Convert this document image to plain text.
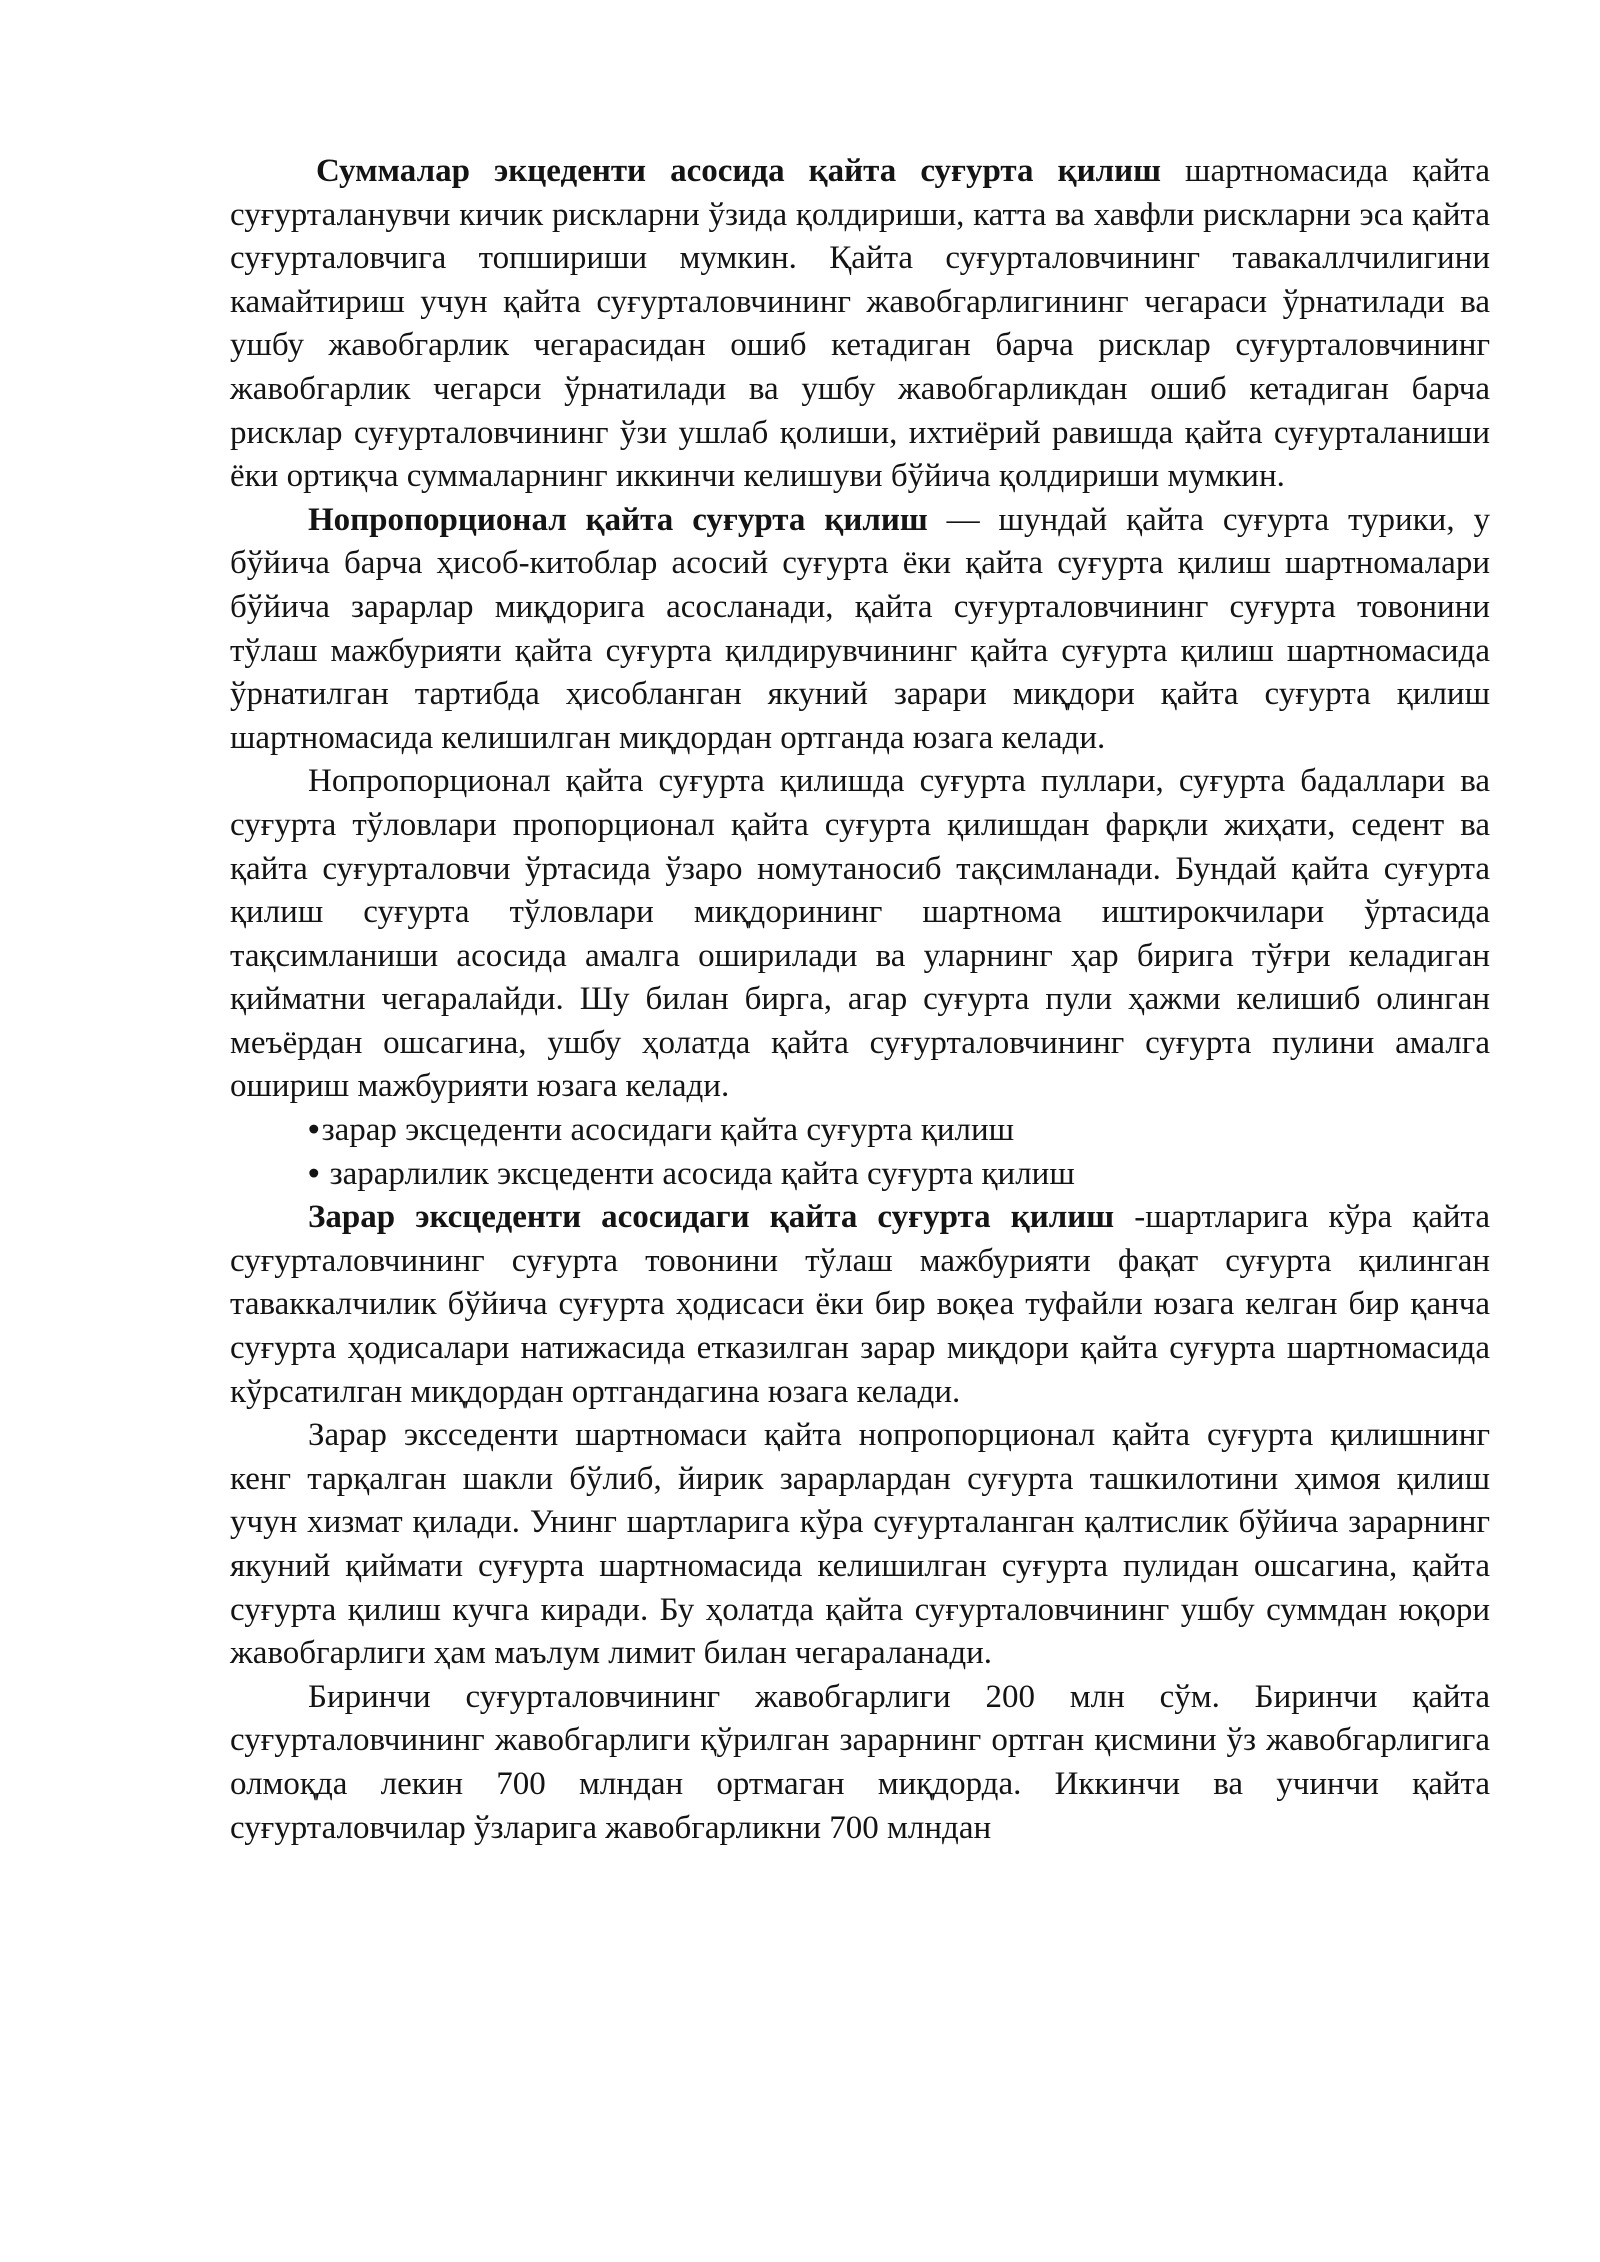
Суммалар экцеденти асосида қайта суғурта қилиш шартномасида қайта суғурталанувчи кичик рискларни ўзида қолдириши, катта ва хавфли рискларни эса қайта суғурталовчига топшириши мумкин. Қайта суғурталовчининг тавакаллчилигини камайтириш учун қайта суғурталовчининг жавобгарлигининг чегараси ўрнатилади ва ушбу жавобгарлик чегарасидан ошиб кетадиган барча рисклар суғурталовчининг жавобгарлик чегарси ўрнатилади ва ушбу жавобгарликдан ошиб кетадиган барча рисклар суғурталовчининг ўзи ушлаб қолиши, ихтиёрий равишда қайта суғурталаниши ёки ортиқча суммаларнинг иккинчи келишуви бўйича қолдириши мумкин.

Нопропорционал қайта суғурта қилиш — шундай қайта суғурта турики, у бўйича барча ҳисоб-китоблар асосий суғурта ёки қайта суғурта қилиш шартномалари бўйича зарарлар миқдорига асосланади, қайта суғурталовчининг суғурта товонини тўлаш мажбурияти қайта суғурта қилдирувчининг қайта суғурта қилиш шартномасида ўрнатилган тартибда ҳисобланган якуний зарари миқдори қайта суғурта қилиш шартномасида келишилган миқдордан ортганда юзага келади.

Нопропорционал қайта суғурта қилишда суғурта пуллари, суғурта бадаллари ва суғурта тўловлари пропорционал қайта суғурта қилишдан фарқли жиҳати, седент ва қайта суғурталовчи ўртасида ўзаро номутаносиб тақсимланади. Бундай қайта суғурта қилиш суғурта тўловлари миқдорининг шартнома иштирокчилари ўртасида тақсимланиши асосида амалга оширилади ва уларнинг ҳар бирига тўғри келадиган қийматни чегаралайди. Шу билан бирга, агар суғурта пули ҳажми келишиб олинган меъёрдан ошсагина, ушбу ҳолатда қайта суғурталовчининг суғурта пулини амалга ошириш мажбурияти юзага келади.

•зарар эксцеденти асосидаги қайта суғурта қилиш
• зарарлилик эксцеденти асосида қайта суғурта қилиш

Зарар эксцеденти асосидаги қайта суғурта қилиш -шартларига кўра қайта суғурталовчининг суғурта товонини тўлаш мажбурияти фақат суғурта қилинган таваккалчилик бўйича суғурта ҳодисаси ёки бир воқеа туфайли юзага келган бир қанча суғурта ҳодисалари натижасида етказилган зарар миқдори қайта суғурта шартномасида кўрсатилган миқдордан ортгандагина юзага келади.

Зарар эксседенти шартномаси қайта нопропорционал қайта суғурта қилишнинг кенг тарқалган шакли бўлиб, йирик зарарлардан суғурта ташкилотини ҳимоя қилиш учун хизмат қилади. Унинг шартларига кўра суғурталанган қалтислик бўйича зарарнинг якуний қиймати суғурта шартномасида келишилган суғурта пулидан ошсагина, қайта суғурта қилиш кучга киради. Бу ҳолатда қайта суғурталовчининг ушбу суммдан юқори жавобгарлиги ҳам маълум лимит билан чегараланади.

Биринчи суғурталовчининг жавобгарлиги 200 млн сўм. Биринчи қайта суғурталовчининг жавобгарлиги қўрилган зарарнинг ортган қисмини ўз жавобгарлигига олмоқда лекин 700 млндан ортмаган миқдорда. Иккинчи ва учинчи қайта суғурталовчилар ўзларига жавобгарликни 700 млндан
